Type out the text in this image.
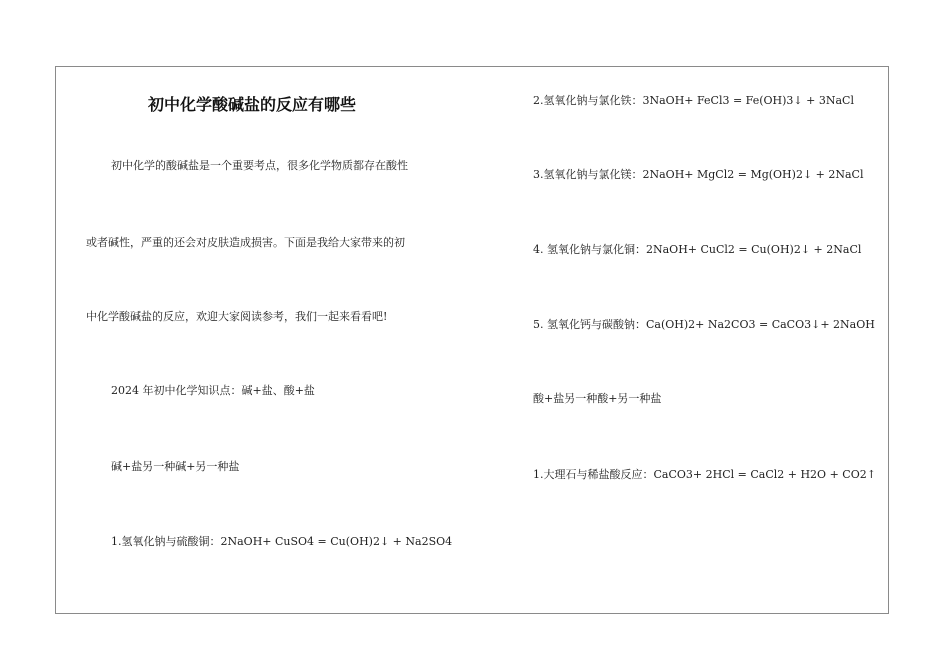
初中化学酸碱盐的反应有哪些
初中化学的酸碱盐是一个重要考点，很多化学物质都存在酸性
或者碱性，严重的还会对皮肤造成损害。下面是我给大家带来的初
中化学酸碱盐的反应，欢迎大家阅读参考，我们一起来看看吧!
2024 年初中化学知识点：碱+盐、酸+盐
碱+盐另一种碱+另一种盐
1.氢氧化钠与硫酸铜：2NaOH+ CuSO4 = Cu(OH)2↓ + Na2SO4
2.氢氧化钠与氯化铁：3NaOH+ FeCl3 = Fe(OH)3↓ + 3NaCl
3.氢氧化钠与氯化镁：2NaOH+ MgCl2 = Mg(OH)2↓ + 2NaCl
4. 氢氧化钠与氯化铜：2NaOH+ CuCl2 = Cu(OH)2↓ + 2NaCl
5. 氢氧化钙与碳酸钠：Ca(OH)2+ Na2CO3 = CaCO3↓+ 2NaOH
酸+盐另一种酸+另一种盐
1.大理石与稀盐酸反应：CaCO3+ 2HCl = CaCl2 + H2O + CO2↑
